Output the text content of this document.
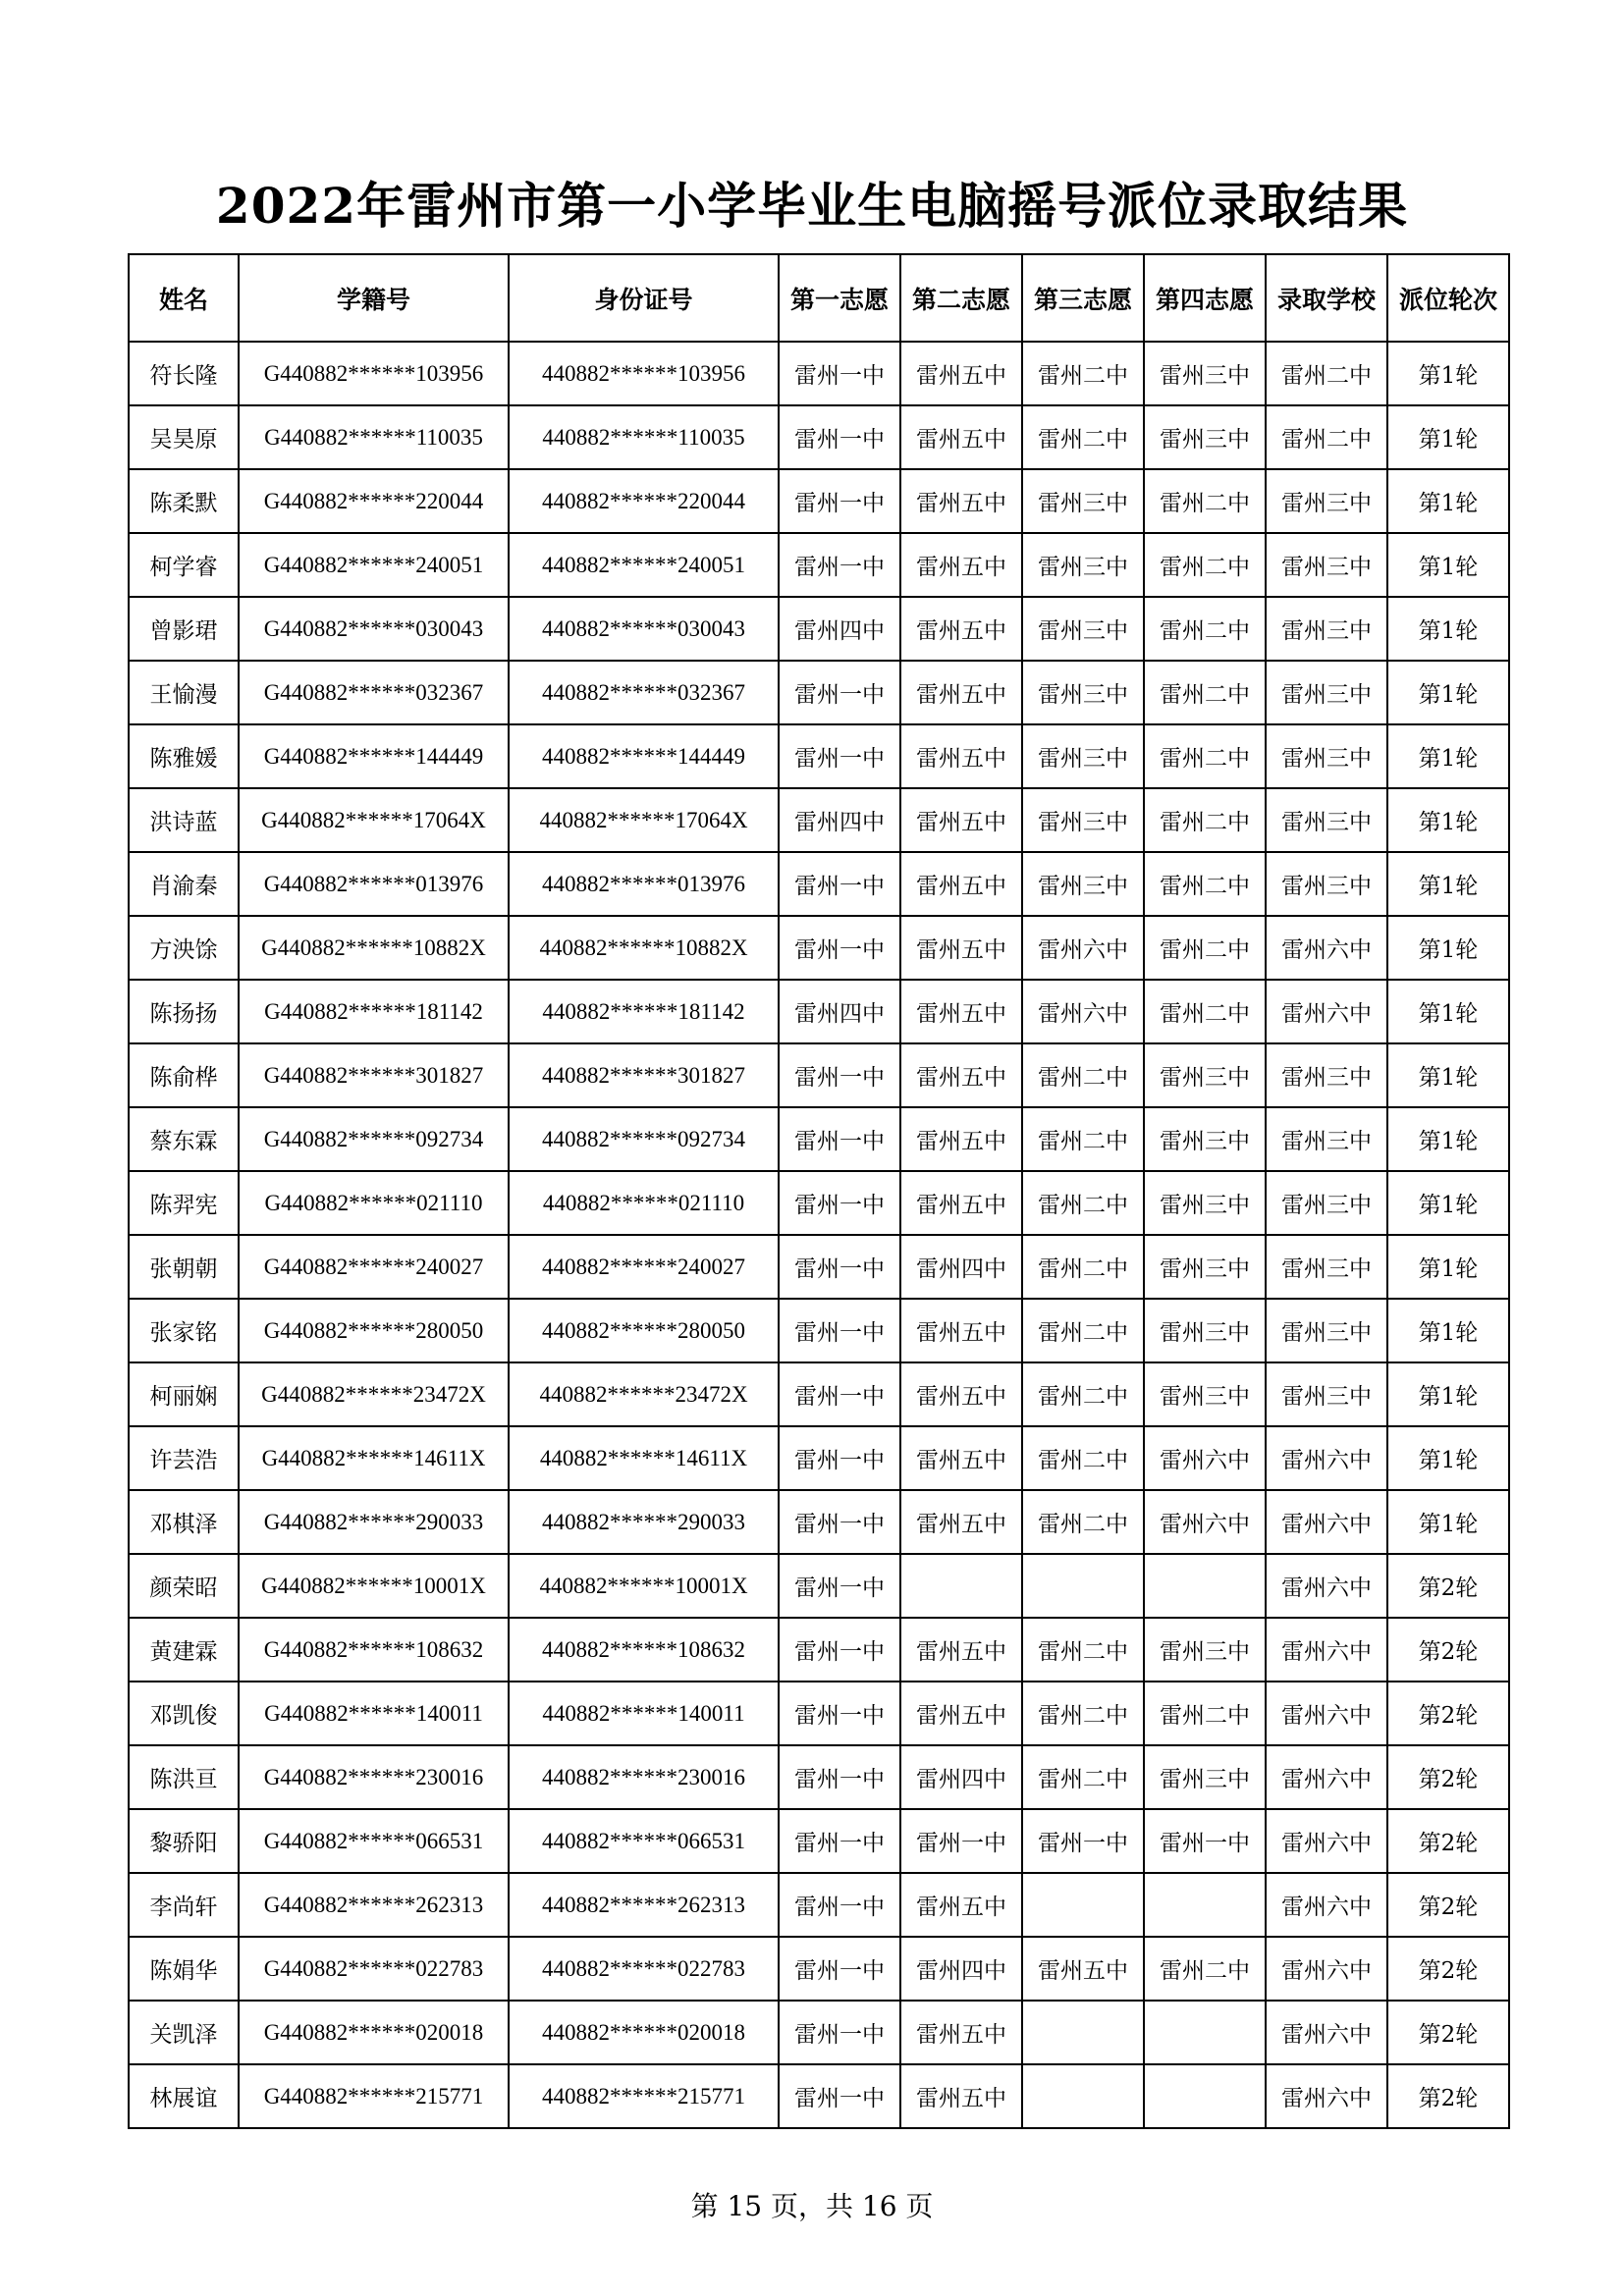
2022年雷州市第一小学毕业生电脑摇号派位录取结果
姓名	学籍号	身份证号	第一志愿	第二志愿	第三志愿	第四志愿	录取学校	派位轮次
符长隆	G440882******103956	440882******103956	雷州一中	雷州五中	雷州二中	雷州三中	雷州二中	第1轮
吴昊原	G440882******110035	440882******110035	雷州一中	雷州五中	雷州二中	雷州三中	雷州二中	第1轮
陈柔默	G440882******220044	440882******220044	雷州一中	雷州五中	雷州三中	雷州二中	雷州三中	第1轮
柯学睿	G440882******240051	440882******240051	雷州一中	雷州五中	雷州三中	雷州二中	雷州三中	第1轮
曾影珺	G440882******030043	440882******030043	雷州四中	雷州五中	雷州三中	雷州二中	雷州三中	第1轮
王愉漫	G440882******032367	440882******032367	雷州一中	雷州五中	雷州三中	雷州二中	雷州三中	第1轮
陈雅媛	G440882******144449	440882******144449	雷州一中	雷州五中	雷州三中	雷州二中	雷州三中	第1轮
洪诗蓝	G440882******17064X	440882******17064X	雷州四中	雷州五中	雷州三中	雷州二中	雷州三中	第1轮
肖渝秦	G440882******013976	440882******013976	雷州一中	雷州五中	雷州三中	雷州二中	雷州三中	第1轮
方泱馀	G440882******10882X	440882******10882X	雷州一中	雷州五中	雷州六中	雷州二中	雷州六中	第1轮
陈扬扬	G440882******181142	440882******181142	雷州四中	雷州五中	雷州六中	雷州二中	雷州六中	第1轮
陈俞桦	G440882******301827	440882******301827	雷州一中	雷州五中	雷州二中	雷州三中	雷州三中	第1轮
蔡东霖	G440882******092734	440882******092734	雷州一中	雷州五中	雷州二中	雷州三中	雷州三中	第1轮
陈羿宪	G440882******021110	440882******021110	雷州一中	雷州五中	雷州二中	雷州三中	雷州三中	第1轮
张朝朝	G440882******240027	440882******240027	雷州一中	雷州四中	雷州二中	雷州三中	雷州三中	第1轮
张家铭	G440882******280050	440882******280050	雷州一中	雷州五中	雷州二中	雷州三中	雷州三中	第1轮
柯丽娴	G440882******23472X	440882******23472X	雷州一中	雷州五中	雷州二中	雷州三中	雷州三中	第1轮
许芸浩	G440882******14611X	440882******14611X	雷州一中	雷州五中	雷州二中	雷州六中	雷州六中	第1轮
邓棋泽	G440882******290033	440882******290033	雷州一中	雷州五中	雷州二中	雷州六中	雷州六中	第1轮
颜荣昭	G440882******10001X	440882******10001X	雷州一中				雷州六中	第2轮
黄建霖	G440882******108632	440882******108632	雷州一中	雷州五中	雷州二中	雷州三中	雷州六中	第2轮
邓凯俊	G440882******140011	440882******140011	雷州一中	雷州五中	雷州二中	雷州二中	雷州六中	第2轮
陈洪亘	G440882******230016	440882******230016	雷州一中	雷州四中	雷州二中	雷州三中	雷州六中	第2轮
黎骄阳	G440882******066531	440882******066531	雷州一中	雷州一中	雷州一中	雷州一中	雷州六中	第2轮
李尚轩	G440882******262313	440882******262313	雷州一中	雷州五中			雷州六中	第2轮
陈娟华	G440882******022783	440882******022783	雷州一中	雷州四中	雷州五中	雷州二中	雷州六中	第2轮
关凯泽	G440882******020018	440882******020018	雷州一中	雷州五中			雷州六中	第2轮
林展谊	G440882******215771	440882******215771	雷州一中	雷州五中			雷州六中	第2轮
第 15 页，共 16 页
